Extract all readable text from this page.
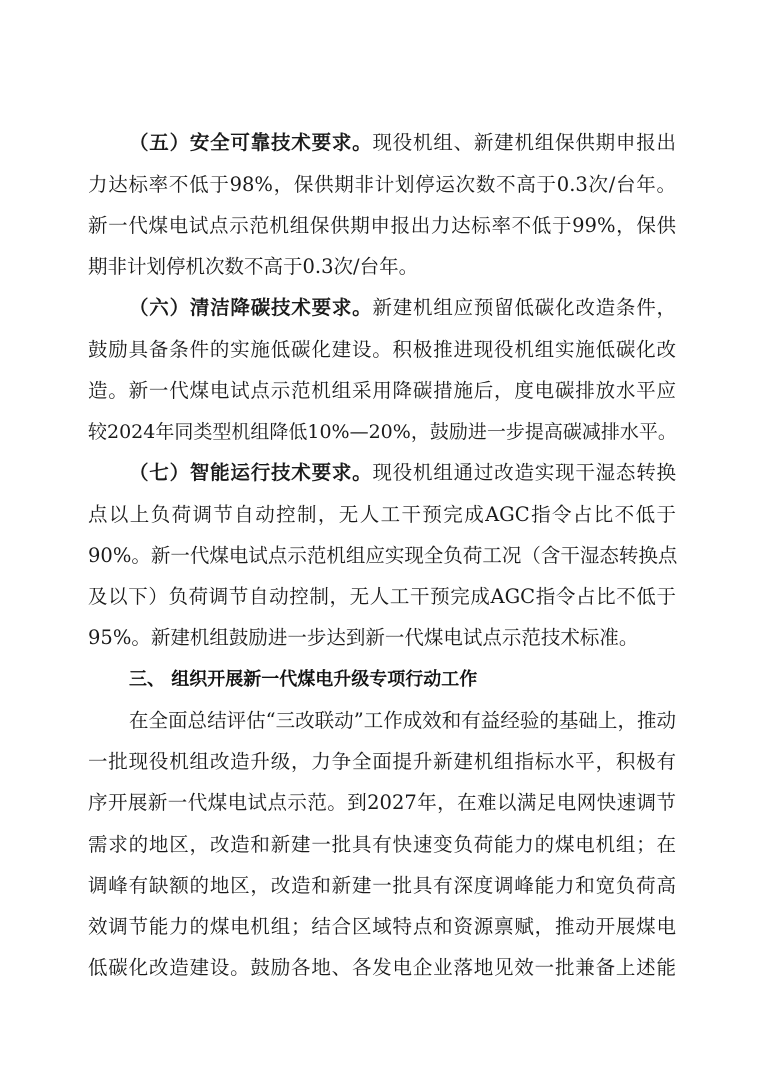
（五）安全可靠技术要求。现役机组、新建机组保供期申报出
力达标率不低于98%，保供期非计划停运次数不高于0.3次/台年。
新一代煤电试点示范机组保供期申报出力达标率不低于99%，保供
期非计划停机次数不高于0.3次/台年。
（六）清洁降碳技术要求。新建机组应预留低碳化改造条件，
鼓励具备条件的实施低碳化建设。积极推进现役机组实施低碳化改
造。新一代煤电试点示范机组采用降碳措施后，度电碳排放水平应
较2024年同类型机组降低10%—20%，鼓励进一步提高碳减排水平。
（七）智能运行技术要求。现役机组通过改造实现干湿态转换
点以上负荷调节自动控制，无人工干预完成AGC指令占比不低于
90%。新一代煤电试点示范机组应实现全负荷工况（含干湿态转换点
及以下）负荷调节自动控制，无人工干预完成AGC指令占比不低于
95%。新建机组鼓励进一步达到新一代煤电试点示范技术标准。
三、 组织开展新一代煤电升级专项行动工作
在全面总结评估“三改联动”工作成效和有益经验的基础上，推动
一批现役机组改造升级，力争全面提升新建机组指标水平，积极有
序开展新一代煤电试点示范。到2027年，在难以满足电网快速调节
需求的地区，改造和新建一批具有快速变负荷能力的煤电机组；在
调峰有缺额的地区，改造和新建一批具有深度调峰能力和宽负荷高
效调节能力的煤电机组；结合区域特点和资源禀赋，推动开展煤电
低碳化改造建设。鼓励各地、各发电企业落地见效一批兼备上述能
